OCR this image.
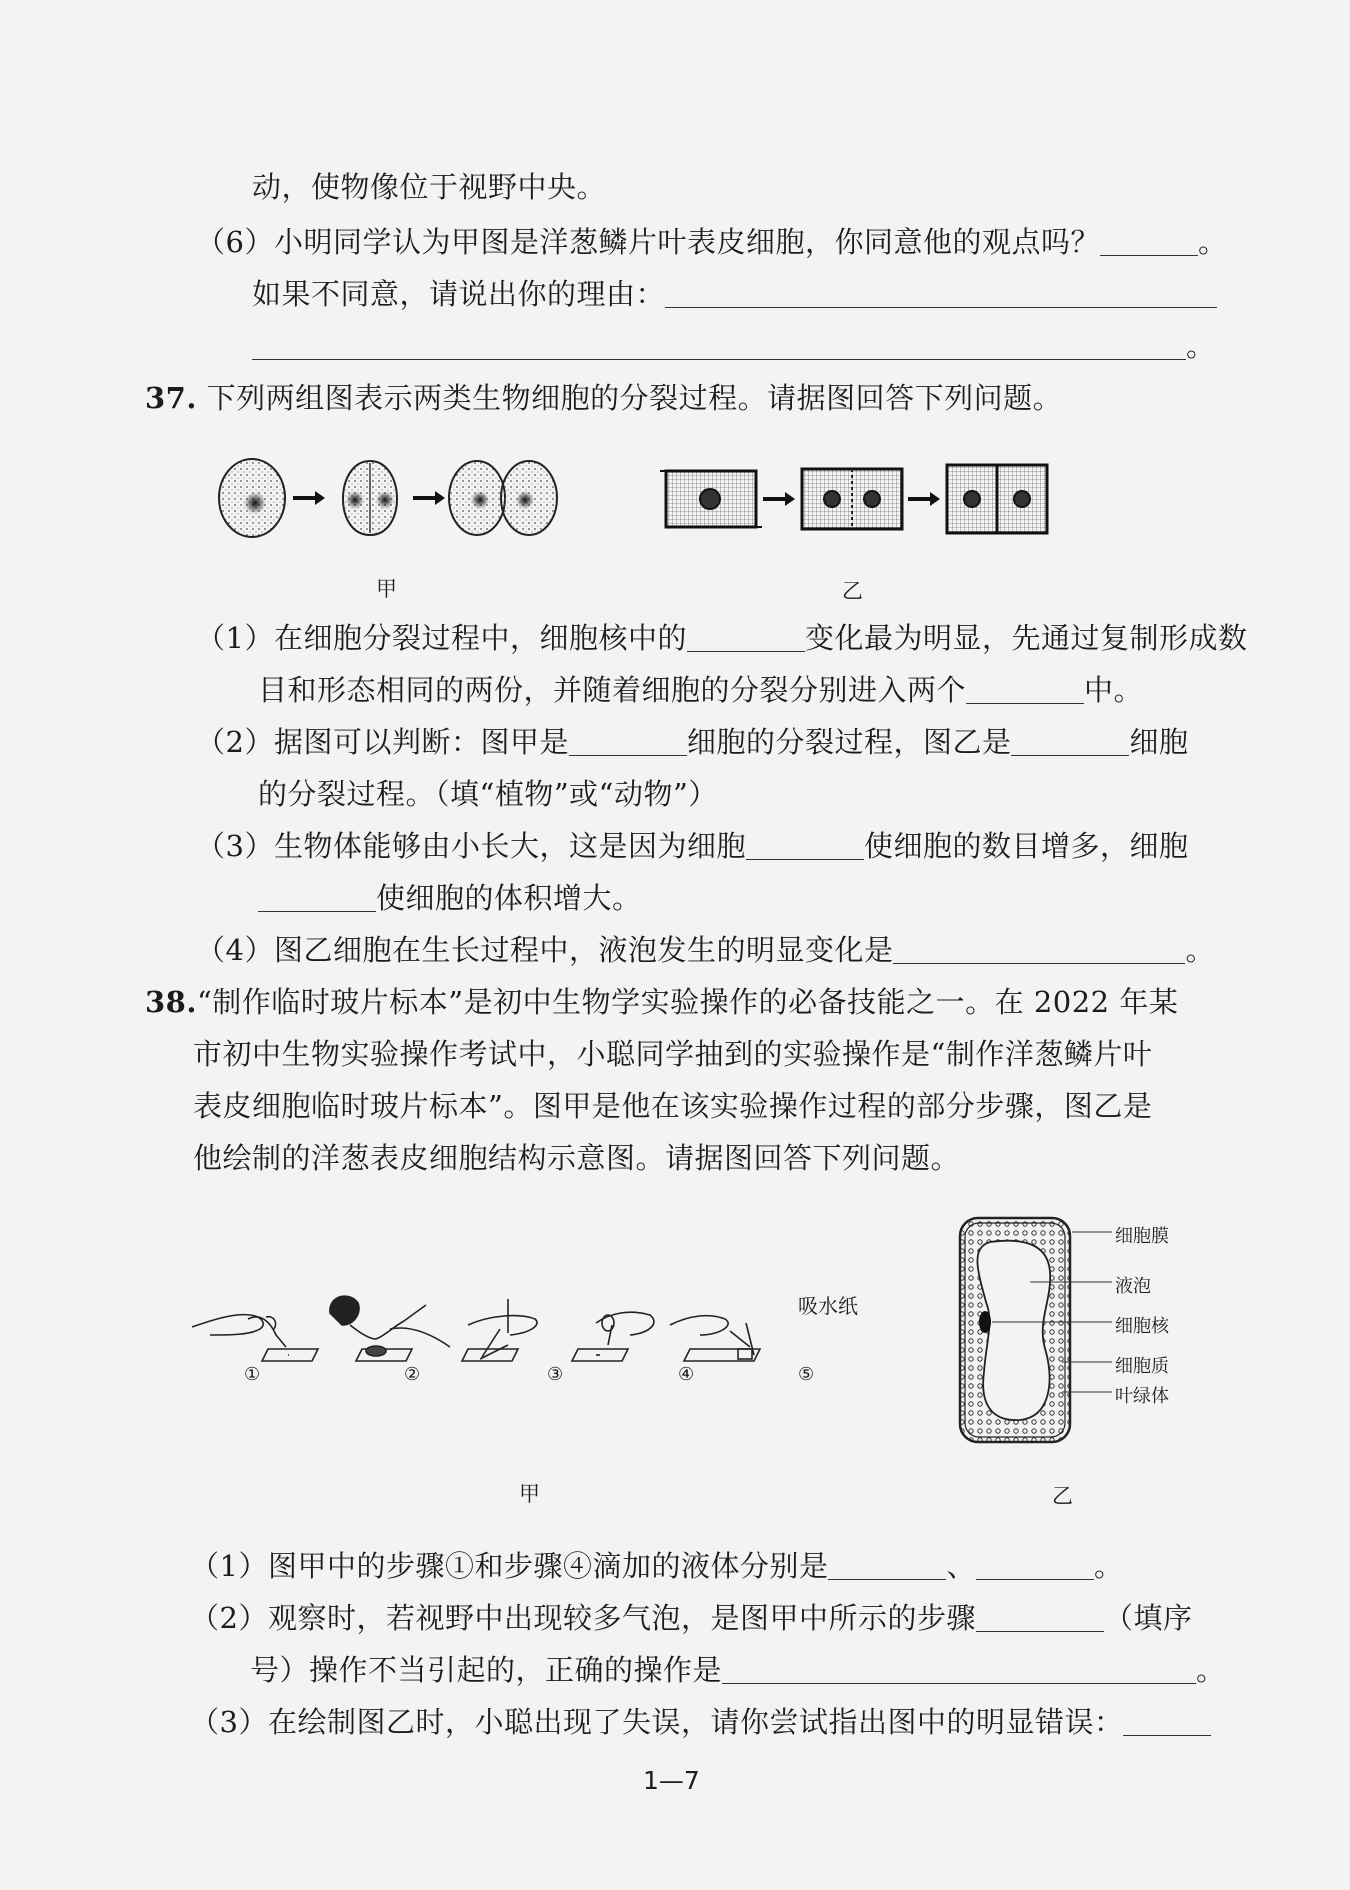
动，使物像位于视野中央。
（6）小明同学认为甲图是洋葱鳞片叶表皮细胞，你同意他的观点吗？	。
如果不同意，请说出你的理由：
。
37. 下列两组图表示两类生物细胞的分裂过程。请据图回答下列问题。
甲	乙
（1）在细胞分裂过程中，细胞核中的	变化最为明显，先通过复制形成数
目和形态相同的两份，并随着细胞的分裂分别进入两个	中。
（2）据图可以判断：图甲是	细胞的分裂过程，图乙是	细胞
的分裂过程。（填“植物”或“动物”）
（3）生物体能够由小长大，这是因为细胞	使细胞的数目增多，细胞
使细胞的体积增大。
（4）图乙细胞在生长过程中，液泡发生的明显变化是	。
38.“制作临时玻片标本”是初中生物学实验操作的必备技能之一。在 2022 年某
市初中生物实验操作考试中，小聪同学抽到的实验操作是“制作洋葱鳞片叶
表皮细胞临时玻片标本”。图甲是他在该实验操作过程的部分步骤，图乙是
他绘制的洋葱表皮细胞结构示意图。请据图回答下列问题。
吸水纸
①	②	③	④	⑤
细胞膜
液泡
细胞核
细胞质
叶绿体
甲	乙
（1）图甲中的步骤①和步骤④滴加的液体分别是	、	。
（2）观察时，若视野中出现较多气泡，是图甲中所示的步骤	（填序
号）操作不当引起的，正确的操作是	。
（3）在绘制图乙时，小聪出现了失误，请你尝试指出图中的明显错误：
1—7
